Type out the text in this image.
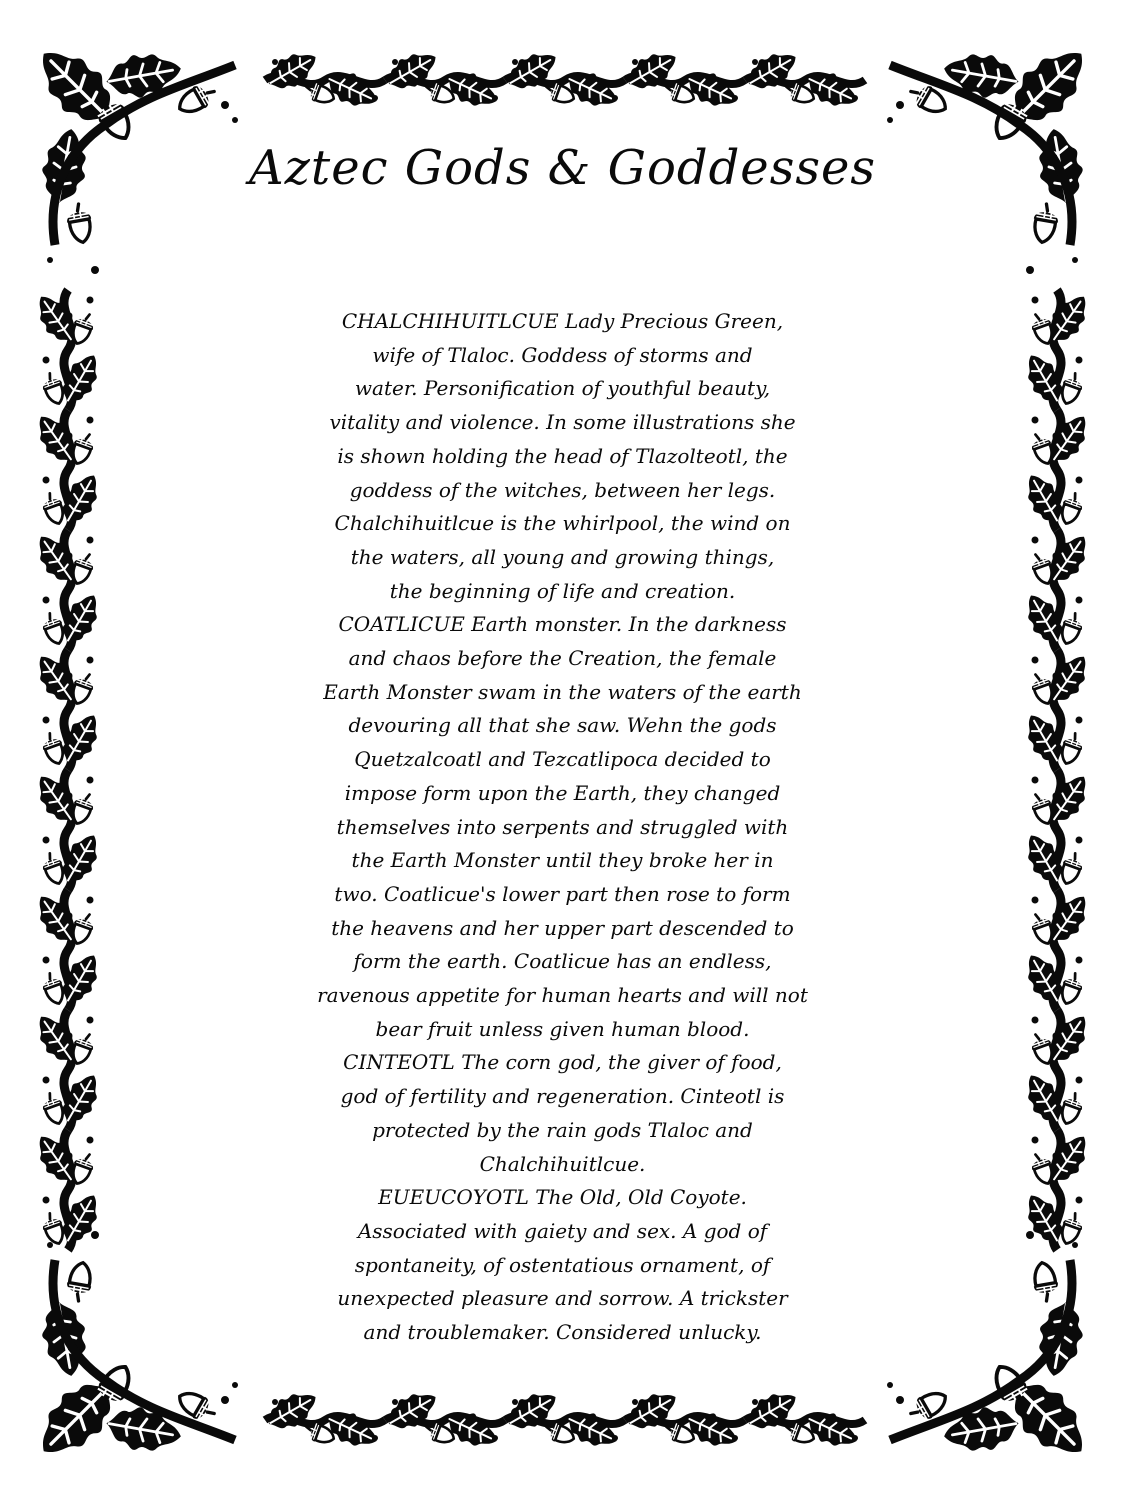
Aztec Gods & Goddesses
CHALCHIHUITLCUE Lady Precious Green,
wife of Tlaloc. Goddess of storms and
water. Personification of youthful beauty,
vitality and violence. In some illustrations she
is shown holding the head of Tlazolteotl, the
goddess of the witches, between her legs.
Chalchihuitlcue is the whirlpool, the wind on
the waters, all young and growing things,
the beginning of life and creation.
COATLICUE Earth monster. In the darkness
and chaos before the Creation, the female
Earth Monster swam in the waters of the earth
devouring all that she saw. Wehn the gods
Quetzalcoatl and Tezcatlipoca decided to
impose form upon the Earth, they changed
themselves into serpents and struggled with
the Earth Monster until they broke her in
two. Coatlicue's lower part then rose to form
the heavens and her upper part descended to
form the earth. Coatlicue has an endless,
ravenous appetite for human hearts and will not
bear fruit unless given human blood.
CINTEOTL The corn god, the giver of food,
god of fertility and regeneration. Cinteotl is
protected by the rain gods Tlaloc and
Chalchihuitlcue.
EUEUCOYOTL The Old, Old Coyote.
Associated with gaiety and sex. A god of
spontaneity, of ostentatious ornament, of
unexpected pleasure and sorrow. A trickster
and troublemaker. Considered unlucky.
